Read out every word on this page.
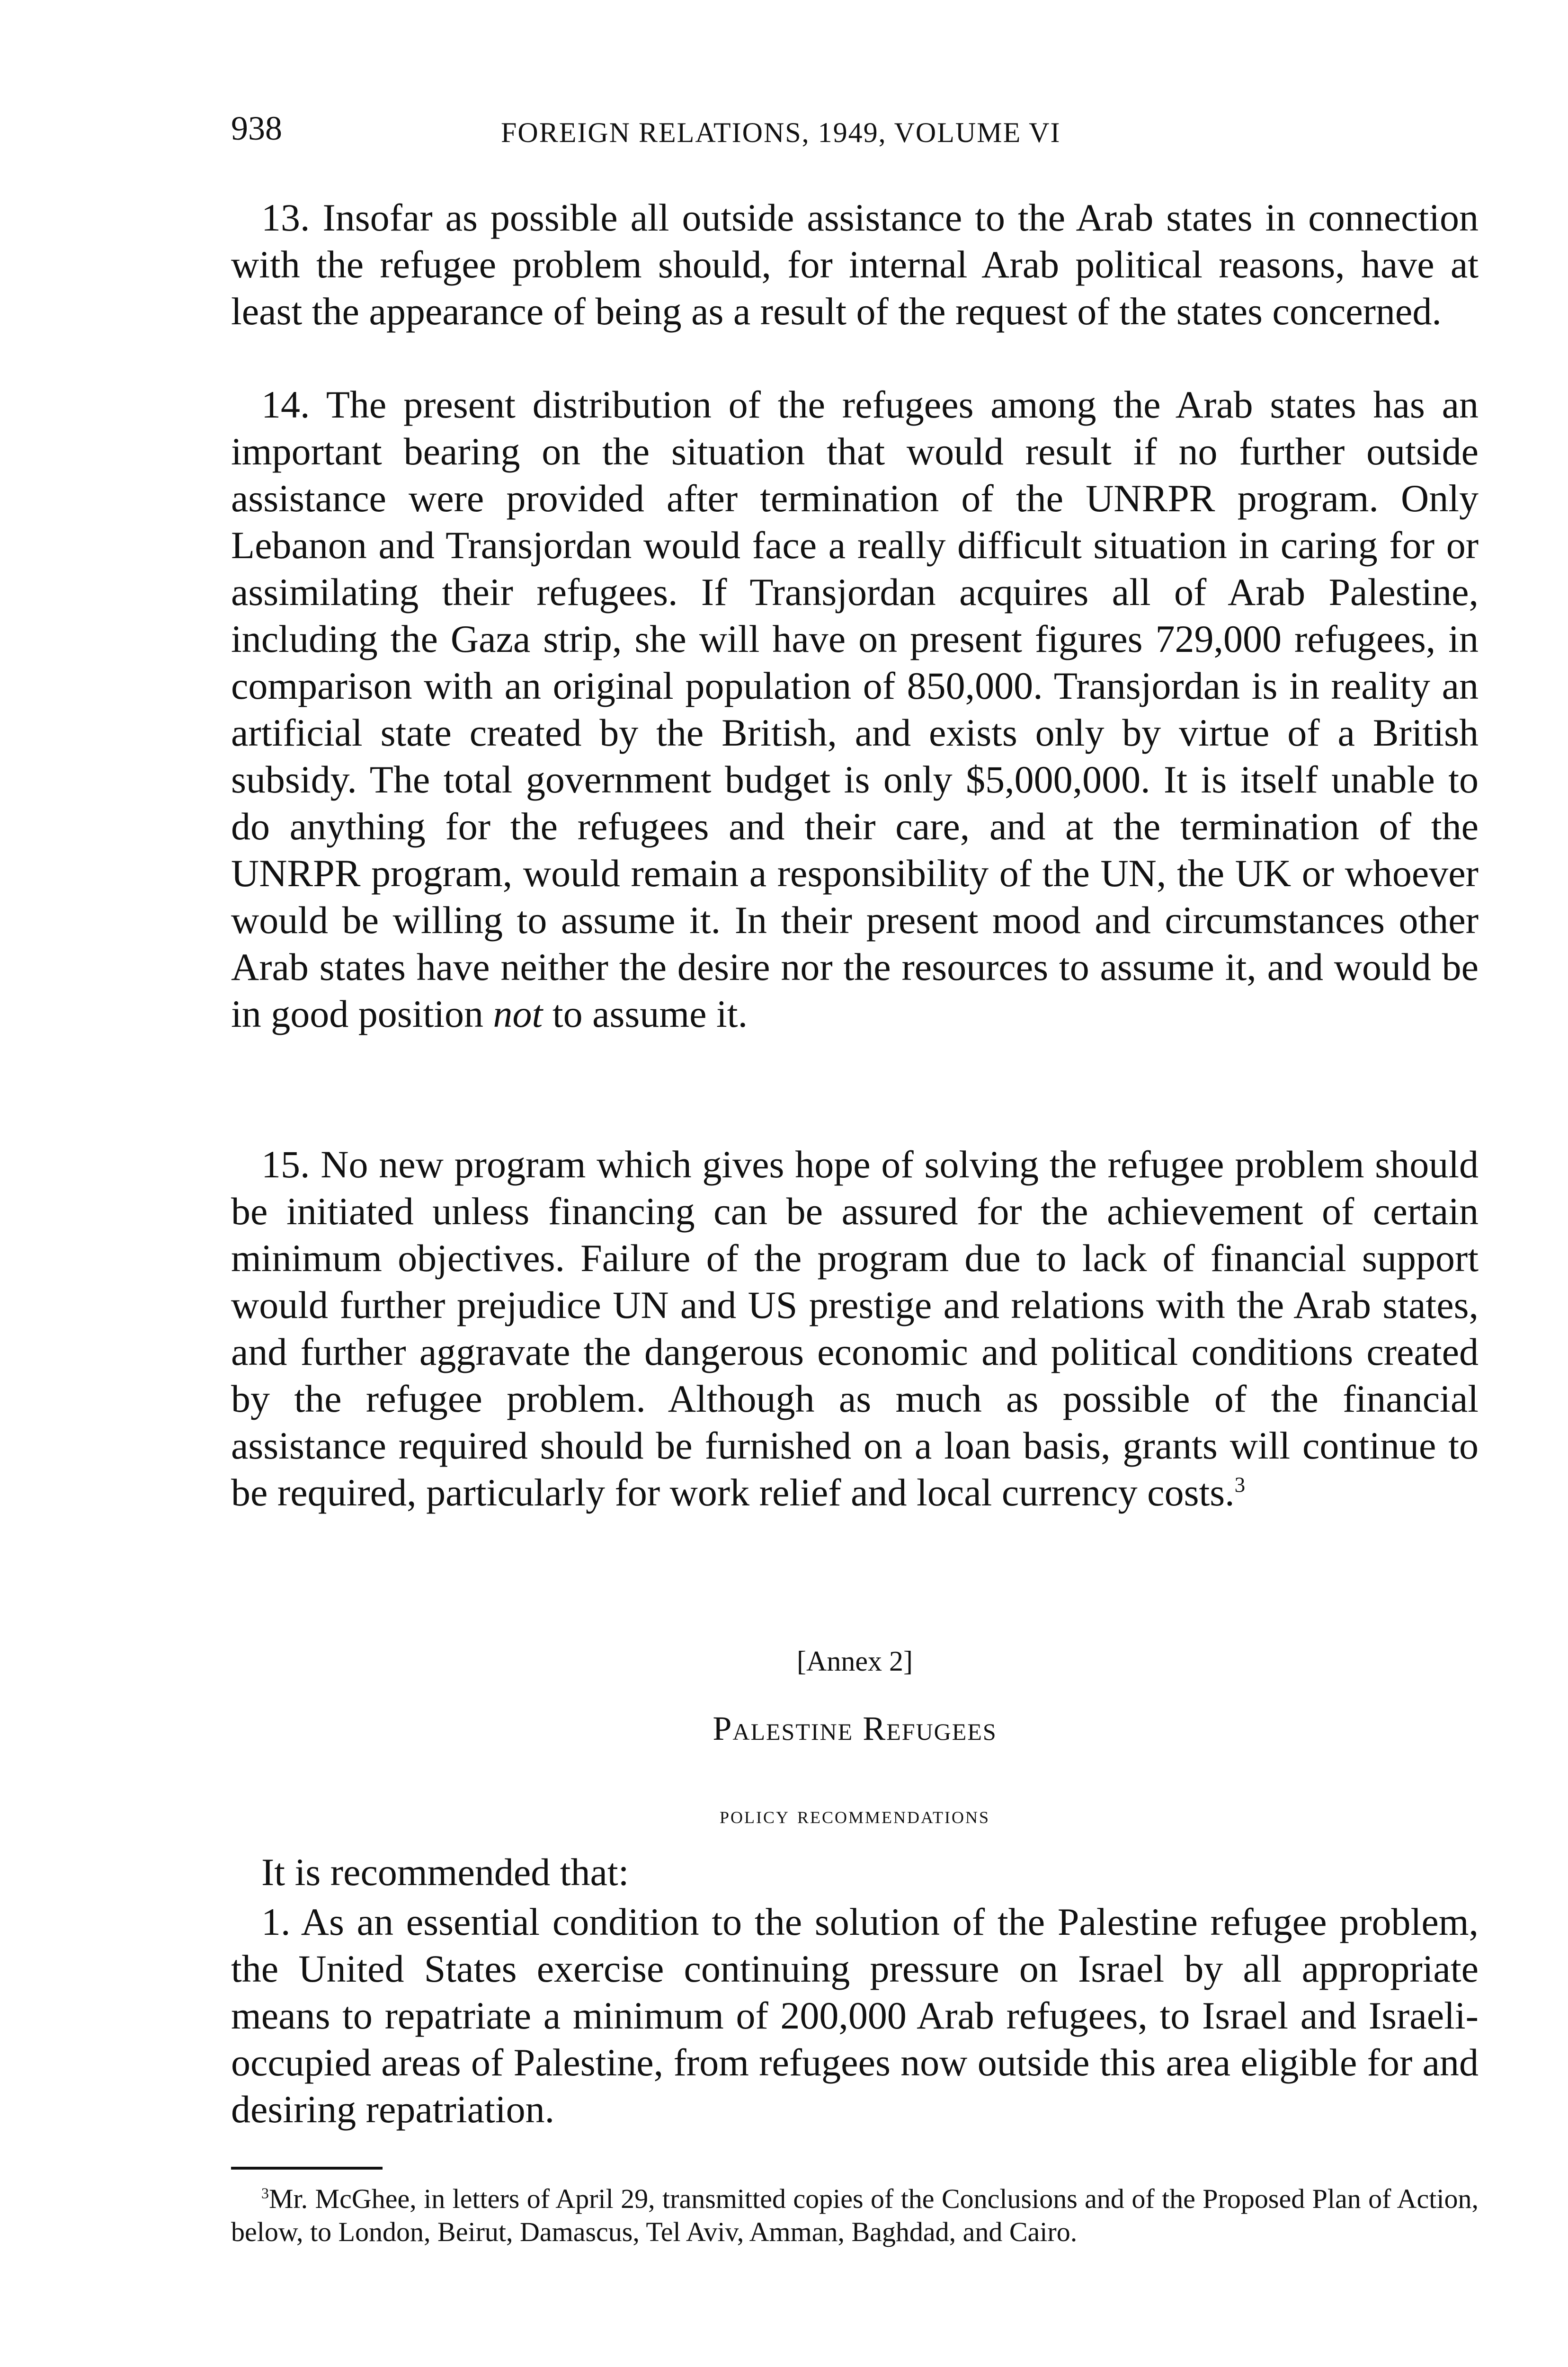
938	FOREIGN RELATIONS, 1949, VOLUME VI

13. Insofar as possible all outside assistance to the Arab states in connection with the refugee problem should, for internal Arab political reasons, have at least the appearance of being as a result of the request of the states concerned.

14. The present distribution of the refugees among the Arab states has an important bearing on the situation that would result if no further outside assistance were provided after termination of the UNRPR program. Only Lebanon and Transjordan would face a really difficult situation in caring for or assimilating their refugees. If Transjordan acquires all of Arab Palestine, including the Gaza strip, she will have on present figures 729,000 refugees, in comparison with an original population of 850,000. Transjordan is in reality an artificial state created by the British, and exists only by virtue of a British subsidy. The total government budget is only $5,000,000. It is itself unable to do anything for the refugees and their care, and at the termination of the UNRPR program, would remain a responsibility of the UN, the UK or whoever would be willing to assume it. In their present mood and circumstances other Arab states have neither the desire nor the resources to assume it, and would be in good position not to assume it.

15. No new program which gives hope of solving the refugee problem should be initiated unless financing can be assured for the achievement of certain minimum objectives. Failure of the program due to lack of financial support would further prejudice UN and US prestige and relations with the Arab states, and further aggravate the dangerous economic and political conditions created by the refugee problem. Although as much as possible of the financial assistance required should be furnished on a loan basis, grants will continue to be required, particularly for work relief and local currency costs.$^3$

[Annex 2]
Palestine Refugees
policy recommendations
It is recommended that:

1. As an essential condition to the solution of the Palestine refugee problem, the United States exercise continuing pressure on Israel by all appropriate means to repatriate a minimum of 200,000 Arab refugees, to Israel and Israeli-occupied areas of Palestine, from refugees now outside this area eligible for and desiring repatriation.

$^3$Mr. McGhee, in letters of April 29, transmitted copies of the Conclusions and of the Proposed Plan of Action, below, to London, Beirut, Damascus, Tel Aviv, Amman, Baghdad, and Cairo.
